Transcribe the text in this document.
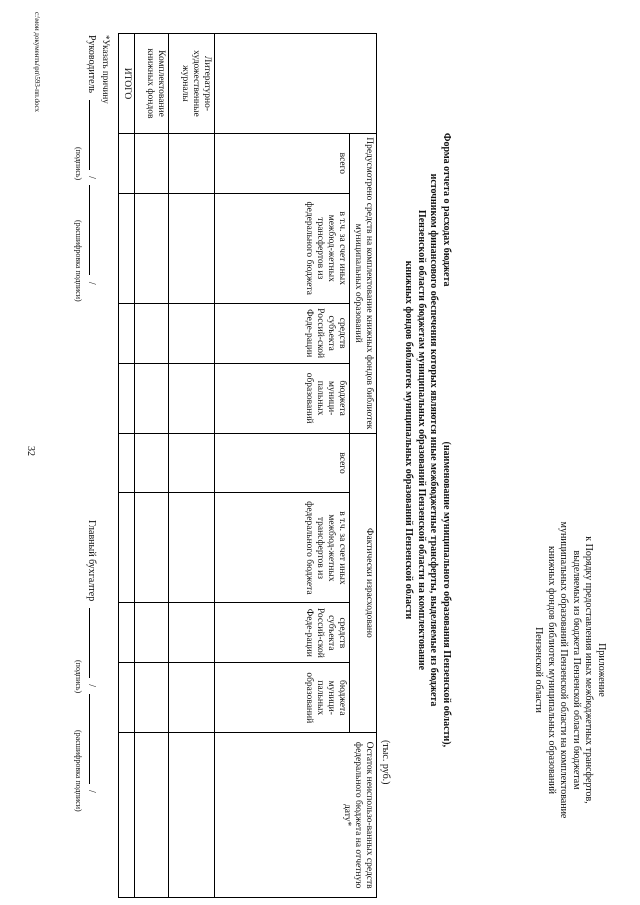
32
Приложение
к Порядку предоставления иных межбюджетных трансфертов, выделяемых из бюджета Пензенской области бюджетам муниципальных образований Пензенской области на комплектование книжных фондов библиотек муниципальных образований Пензенской области
Форма отчета о расходах бюджета  (наименование муниципального образования Пензенской области),
источником финансового обеспечения которых являются иные межбюджетные трансферты, выделяемые из бюджета
Пензенской области бюджетам муниципальных образований Пензенской области на комплектование
книжных фондов библиотек муниципальных образований Пензенской области
(тыс. руб.)
	Предусмотрено средств на комплектование книжных фондов библиотек муниципальных образований				Фактически израсходовано				Остаток неиспользо-ванных средств федерального бюджета на отчетную дату*
	всего	в т.ч. за счет иных межбюд-жетных трансфертов из федерального бюджета	средств субъекта Россий-ской Феде-рации	бюджета муници-пальных образований	всего	в т.ч. за счет иных межбюд-жетных трансфертов из федерального бюджета	средств субъекта Россий-ской Феде-рации	бюджета муници-пальных образований	
Литературно-художественные журналы									
Комплектование книжных фондов									
ИТОГО									
*Указать причину
Руководитель  /  /
(подпись)
(расшифровка подписи)
Главный бухгалтер  /  /
(подпись)
(расшифровка подписи)
c:\мои документы\рп\593-пп.docx
